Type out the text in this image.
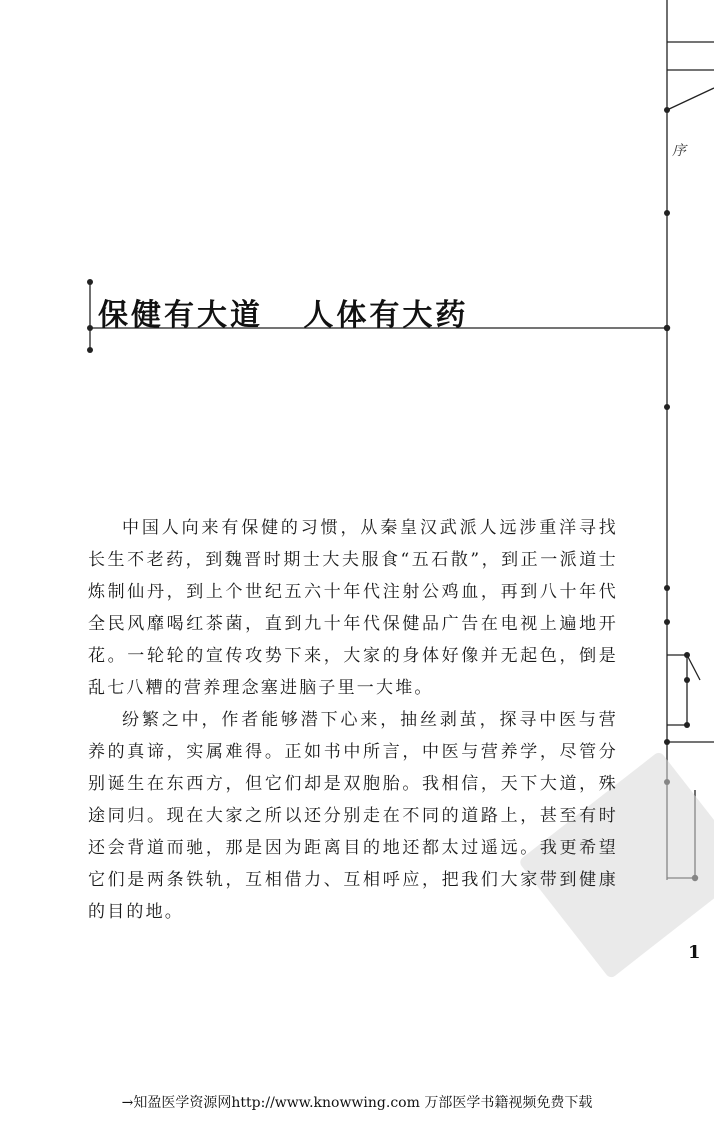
序
保健有大道   人体有大药

中国人向来有保健的习惯，从秦皇汉武派人远涉重洋寻找长生不老药，到魏晋时期士大夫服食“五石散”，到正一派道士炼制仙丹，到上个世纪五六十年代注射公鸡血，再到八十年代全民风靡喝红茶菌，直到九十年代保健品广告在电视上遍地开花。一轮轮的宣传攻势下来，大家的身体好像并无起色，倒是乱七八糟的营养理念塞进脑子里一大堆。

纷繁之中，作者能够潜下心来，抽丝剥茧，探寻中医与营养的真谛，实属难得。正如书中所言，中医与营养学，尽管分别诞生在东西方，但它们却是双胞胎。我相信，天下大道，殊途同归。现在大家之所以还分别走在不同的道路上，甚至有时还会背道而驰，那是因为距离目的地还都太过遥远。我更希望它们是两条铁轨，互相借力、互相呼应，把我们大家带到健康的目的地。

1
→知盈医学资源网http://www.knowwing.com 万部医学书籍视频免费下载
